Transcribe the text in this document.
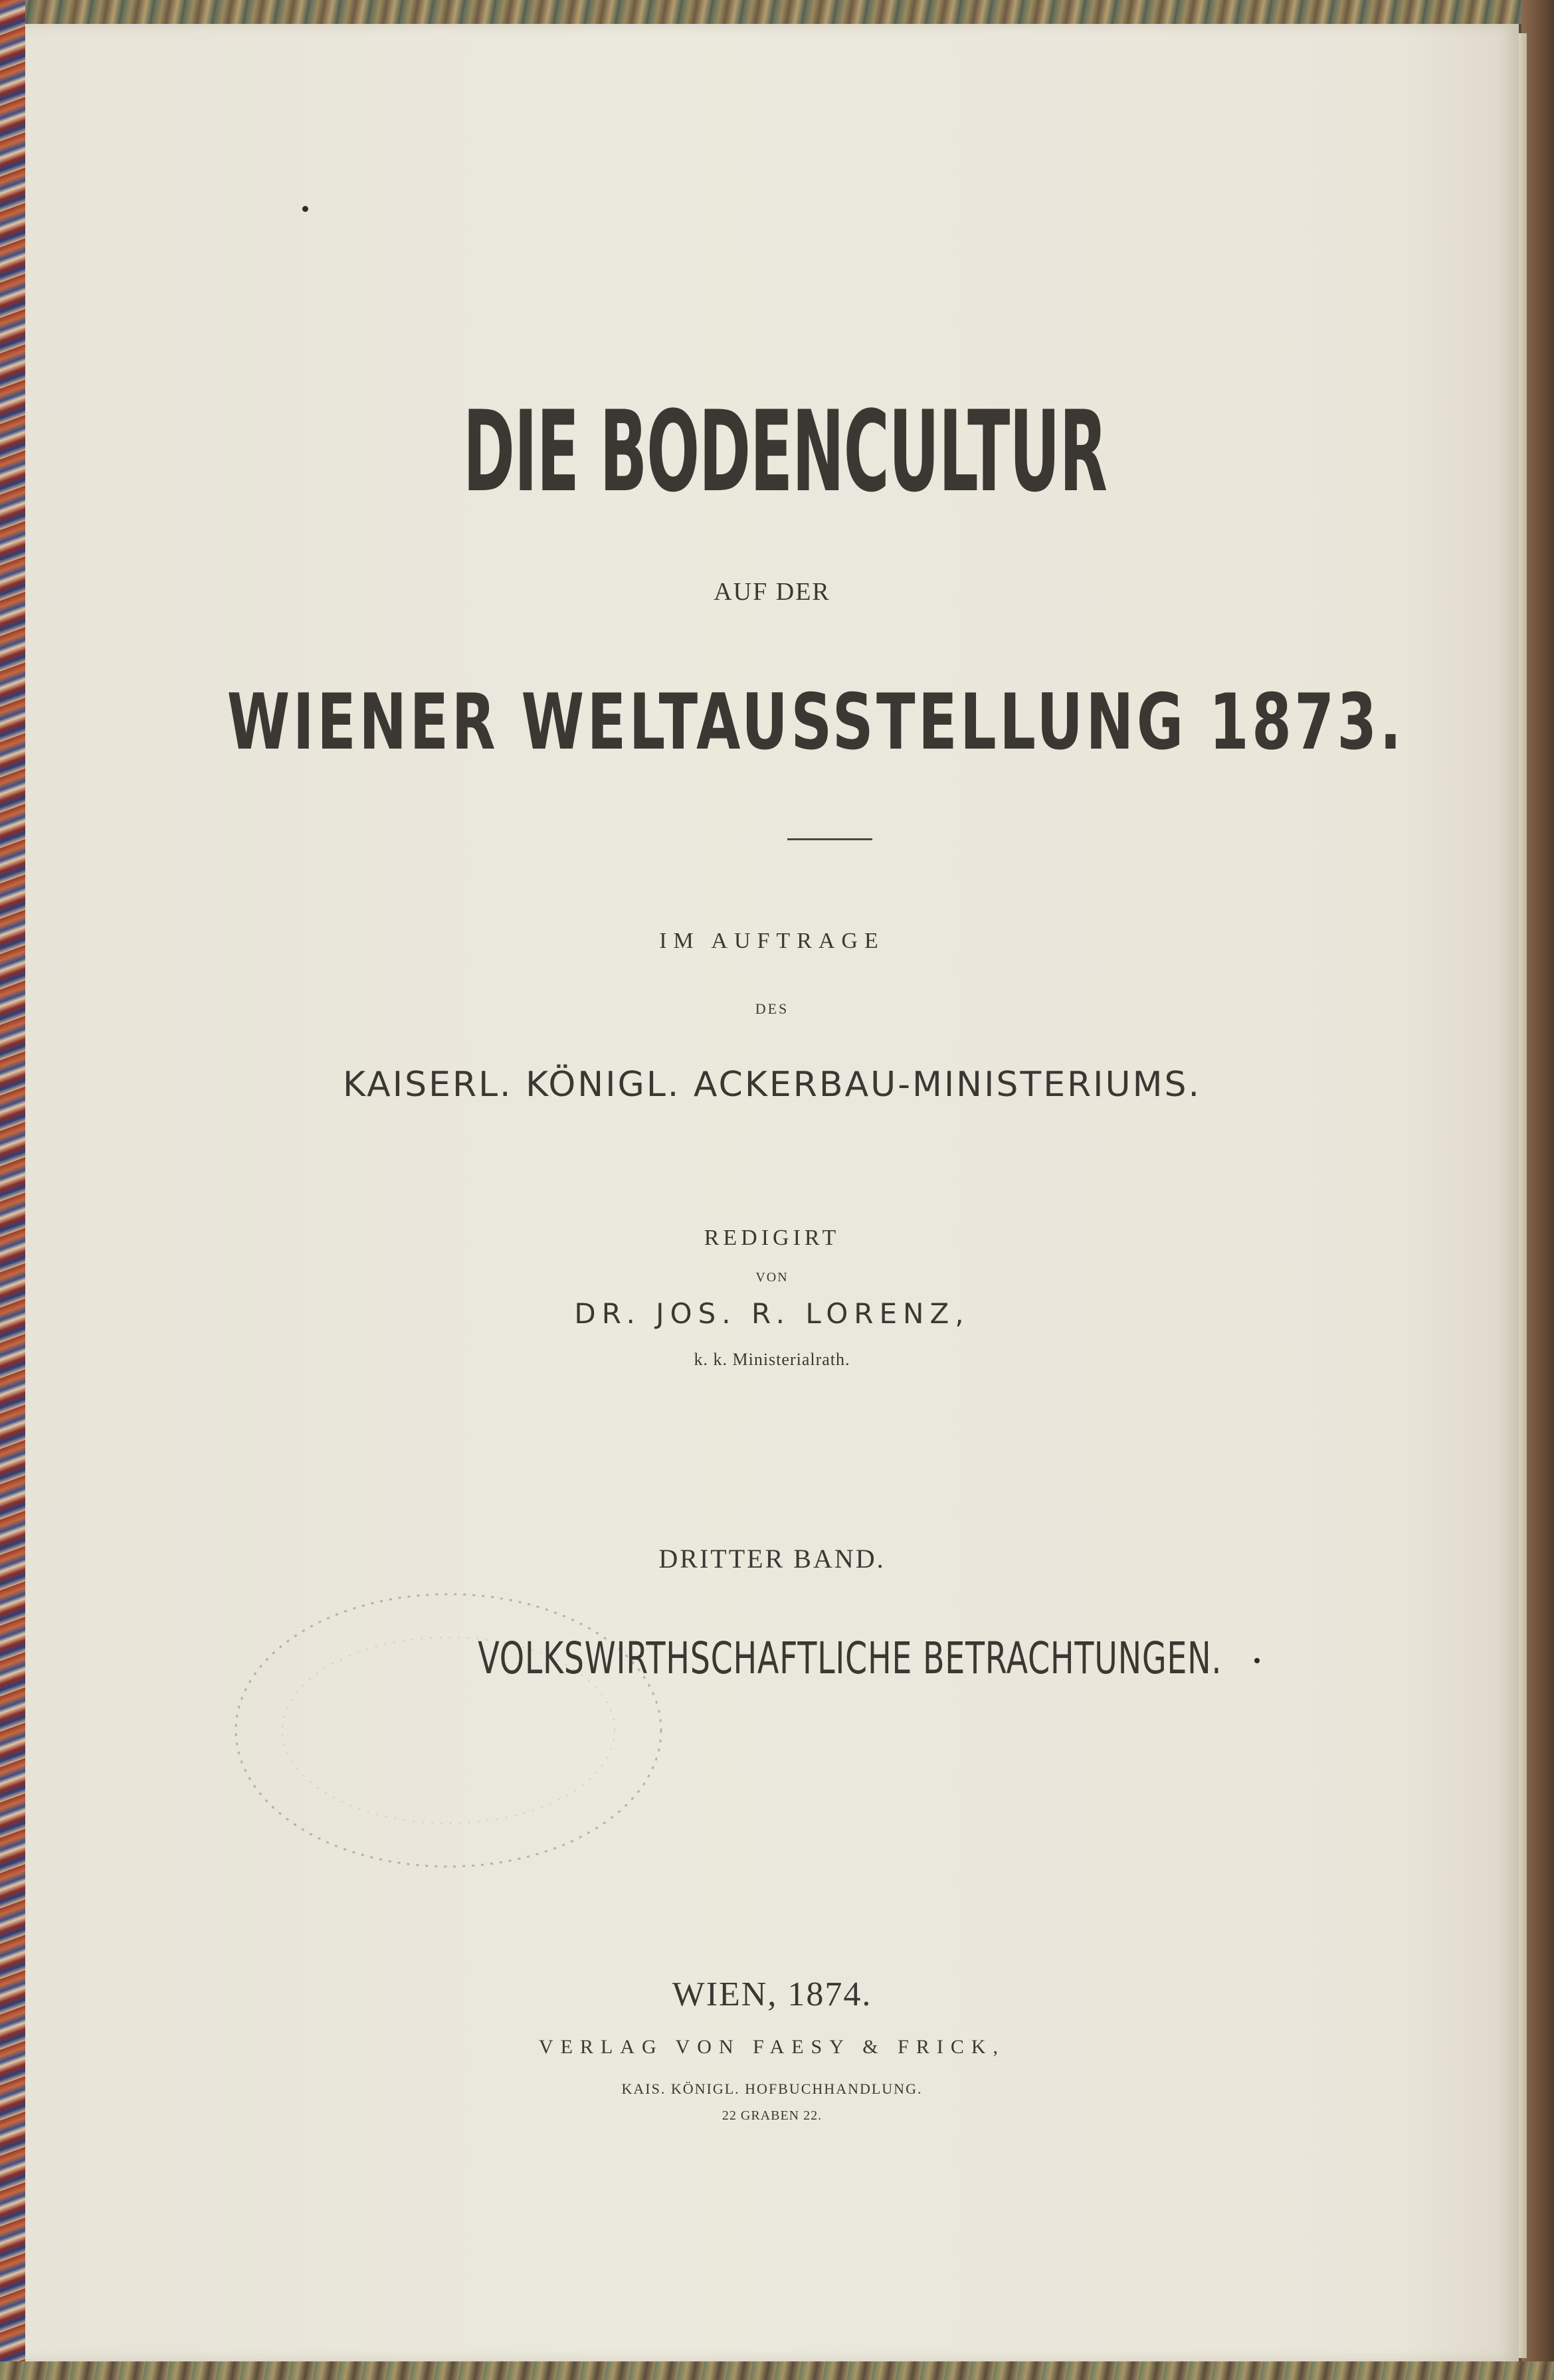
DIE BODENCULTUR

AUF DER

WIENER WELTAUSSTELLUNG 1873.

IM AUFTRAGE

DES

KAISERL. KÖNIGL. ACKERBAU-MINISTERIUMS.

REDIGIRT

VON

DR. JOS. R. LORENZ,

k. k. Ministerialrath.

DRITTER BAND.

VOLKSWIRTHSCHAFTLICHE BETRACHTUNGEN.

WIEN, 1874.

VERLAG VON FAESY & FRICK,

KAIS. KÖNIGL. HOFBUCHHANDLUNG.

22 GRABEN 22.
